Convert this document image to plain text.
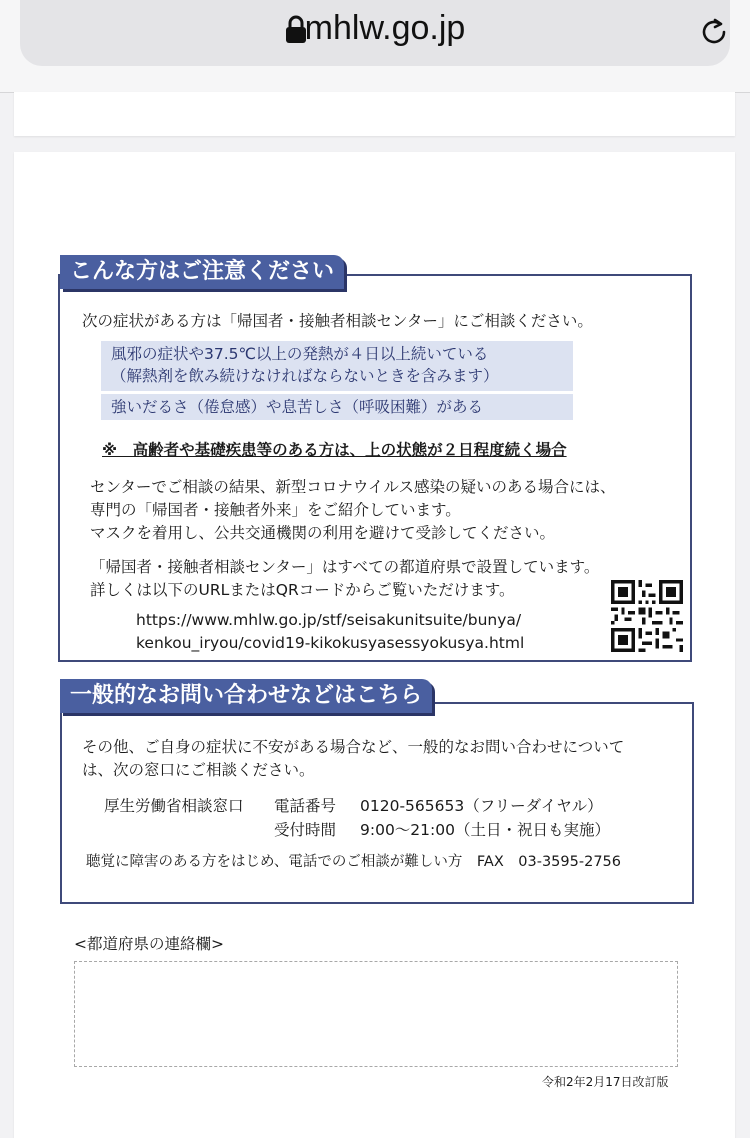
mhlw.go.jp
こんな方はご注意ください
次の症状がある方は「帰国者・接触者相談センター」にご相談ください。
風邪の症状や37.5℃以上の発熱が４日以上続いている
（解熱剤を飲み続けなければならないときを含みます）
強いだるさ（倦怠感）や息苦しさ（呼吸困難）がある
※　高齢者や基礎疾患等のある方は、上の状態が２日程度続く場合
センターでご相談の結果、新型コロナウイルス感染の疑いのある場合には、
専門の「帰国者・接触者外来」をご紹介しています。
マスクを着用し、公共交通機関の利用を避けて受診してください。
「帰国者・接触者相談センター」はすべての都道府県で設置しています。
詳しくは以下のURLまたはQRコードからご覧いただけます。
https://www.mhlw.go.jp/stf/seisakunitsuite/bunya/
kenkou_iryou/covid19-kikokusyasessyokusya.html
一般的なお問い合わせなどはこちら
その他、ご自身の症状に不安がある場合など、一般的なお問い合わせについて
は、次の窓口にご相談ください。
厚生労働省相談窓口 電話番号 0120-565653（フリーダイヤル）
受付時間 9:00～21:00（土日・祝日も実施）
聴覚に障害のある方をはじめ、電話でのご相談が難しい方　FAX　03-3595-2756
<都道府県の連絡欄>
令和2年2月17日改訂版
